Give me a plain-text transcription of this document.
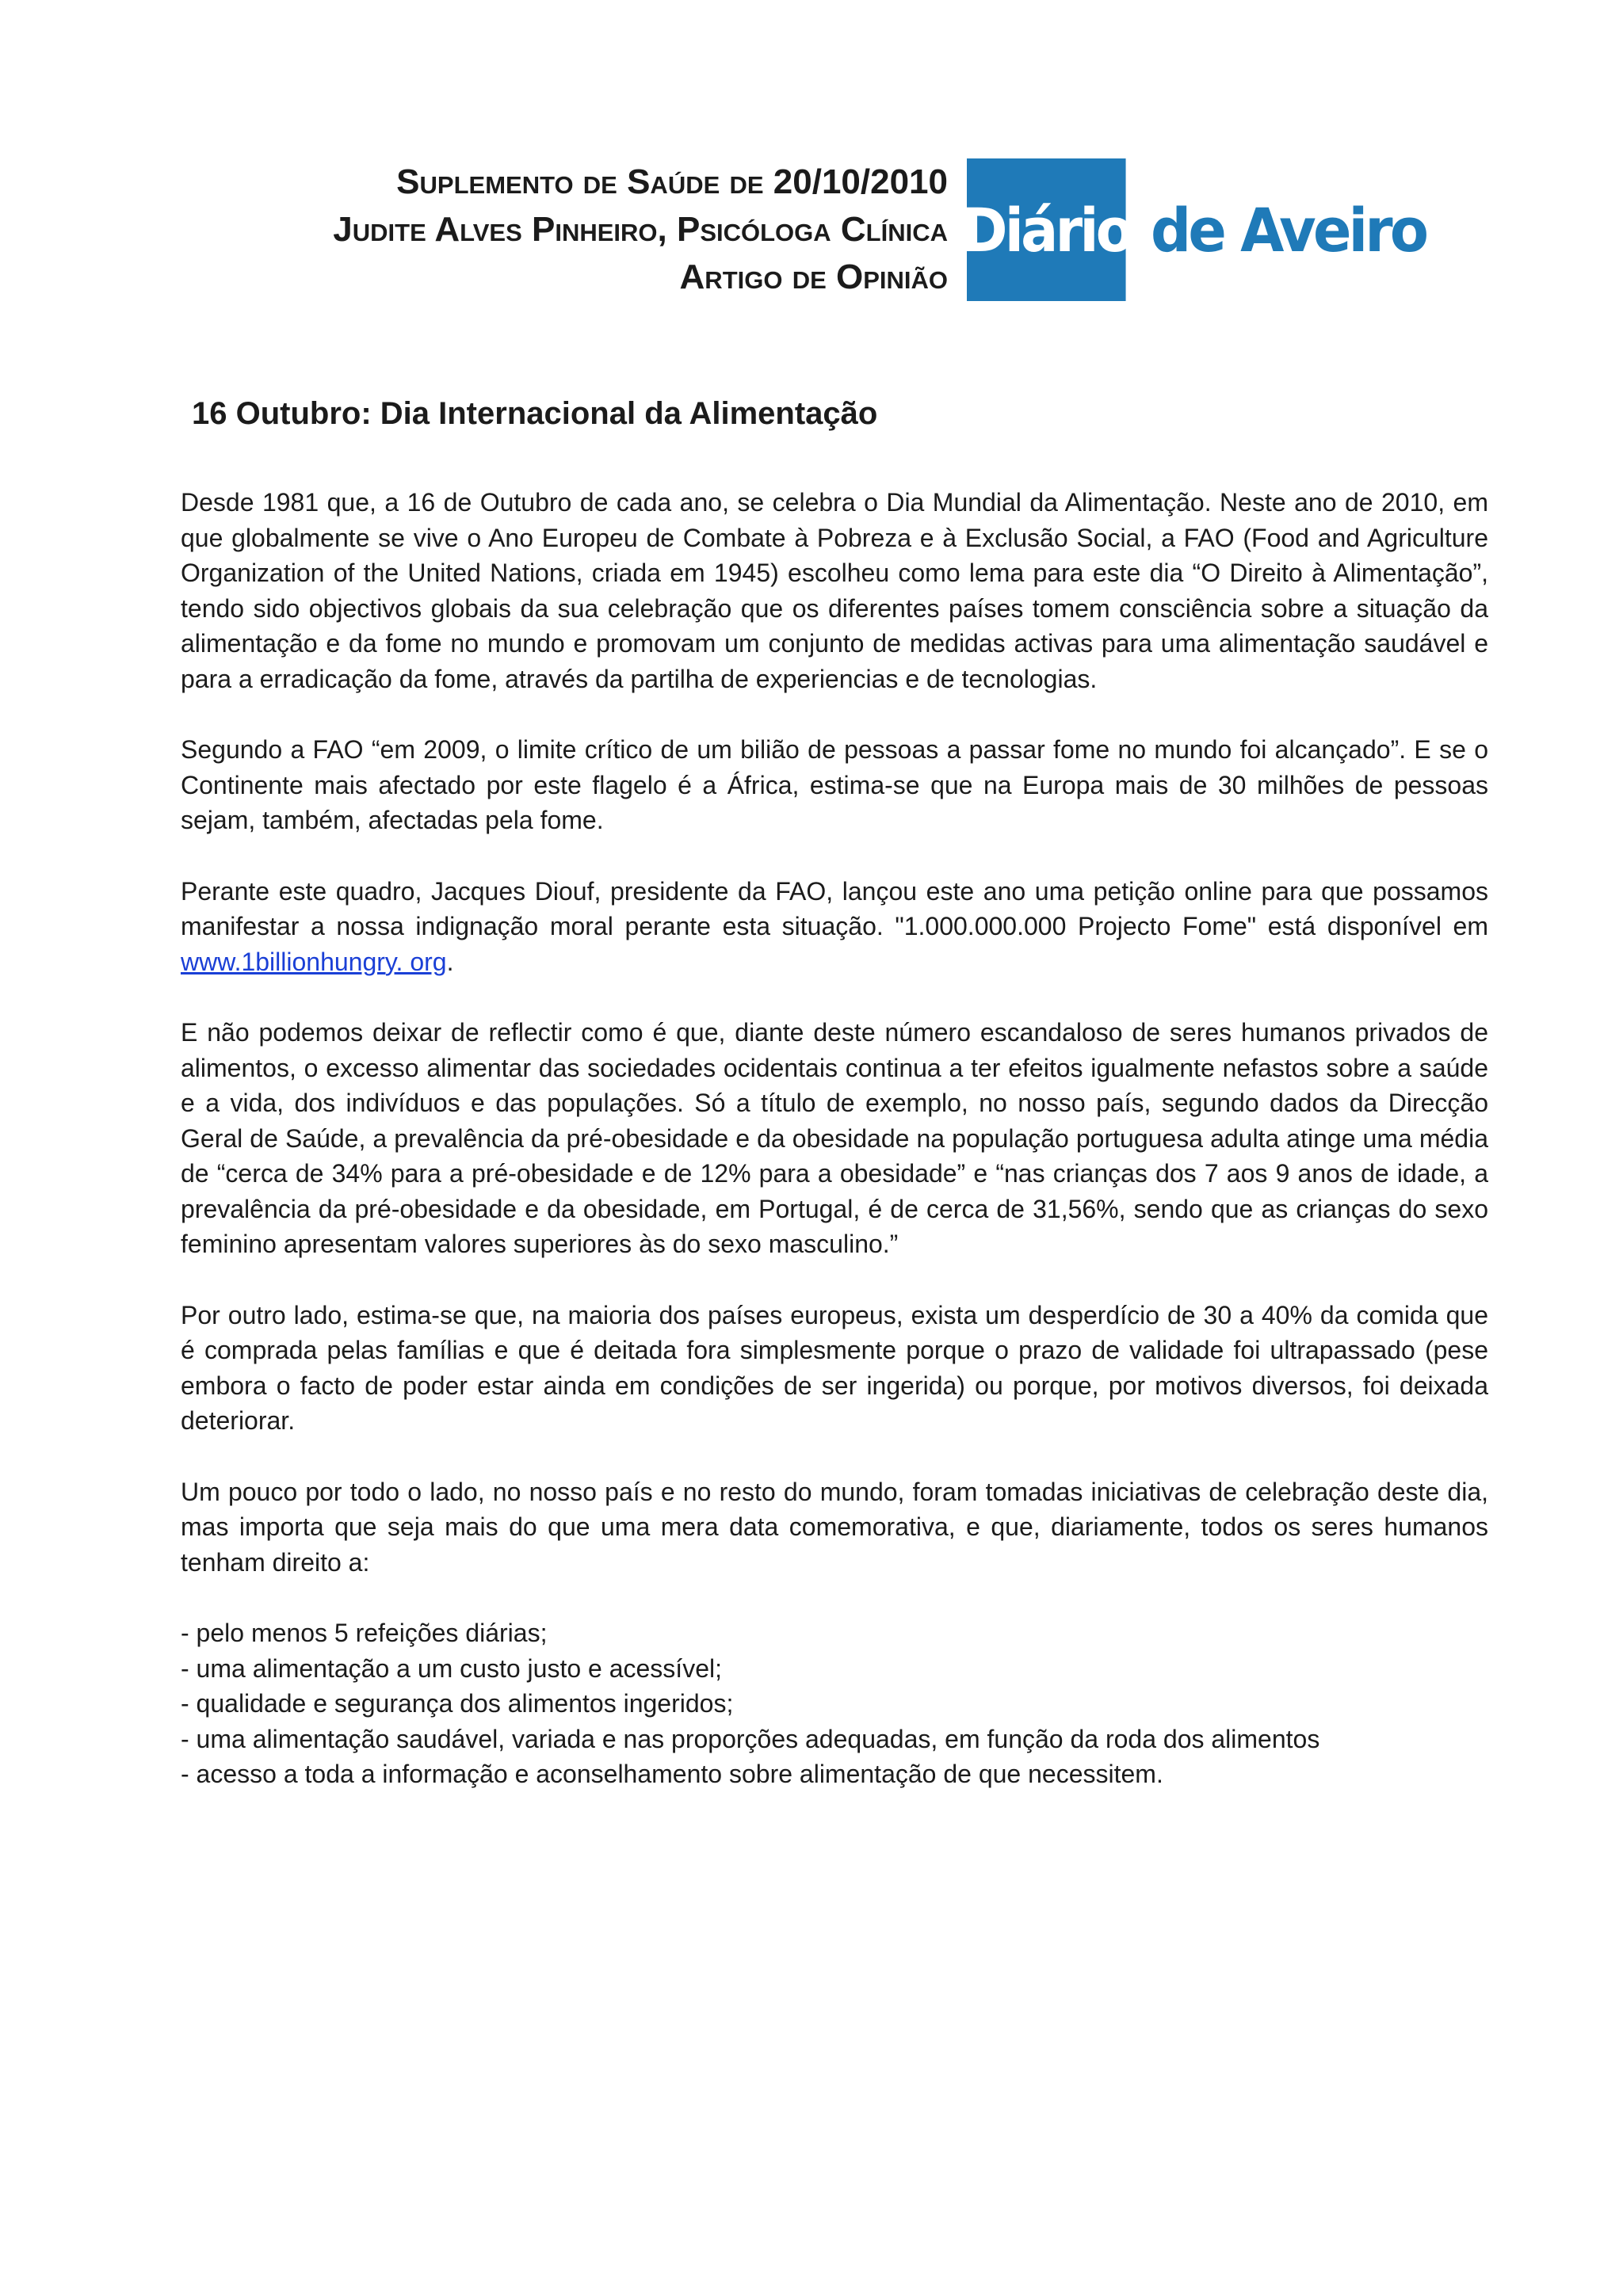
Suplemento de Saúde de 20/10/2010
Judite Alves Pinheiro, Psicóloga Clínica
Artigo de Opinião
Diário de Aveiro
16 Outubro: Dia Internacional da Alimentação

Desde 1981 que, a 16 de Outubro de cada ano, se celebra o Dia Mundial da Alimentação. Neste ano de 2010, em que globalmente se vive o Ano Europeu de Combate à Pobreza e à Exclusão Social, a FAO (Food and Agriculture Organization of the United Nations, criada em 1945) escolheu como lema para este dia “O Direito à Alimentação”, tendo sido objectivos globais da sua celebração que os diferentes países tomem consciência sobre a situação da alimentação e da fome no mundo e promovam um conjunto de medidas activas para uma alimentação saudável e para a erradicação da fome, através da partilha de experiencias e de tecnologias.

Segundo a FAO “em 2009, o limite crítico de um bilião de pessoas a passar fome no mundo foi alcançado”. E se o Continente mais afectado por este flagelo é a África, estima-se que na Europa mais de 30 milhões de pessoas sejam, também, afectadas pela fome.

Perante este quadro, Jacques Diouf, presidente da FAO, lançou este ano uma petição online para que possamos manifestar a nossa indignação moral perante esta situação. "1.000.000.000 Projecto Fome" está disponível em www.1billionhungry. org.

E não podemos deixar de reflectir como é que, diante deste número escandaloso de seres humanos privados de alimentos, o excesso alimentar das sociedades ocidentais continua a ter efeitos igualmente nefastos sobre a saúde e a vida, dos indivíduos e das populações. Só a título de exemplo, no nosso país, segundo dados da Direcção Geral de Saúde, a prevalência da pré-obesidade e da obesidade na população portuguesa adulta atinge uma média de “cerca de 34% para a pré-obesidade e de 12% para a obesidade” e “nas crianças dos 7 aos 9 anos de idade, a prevalência da pré-obesidade e da obesidade, em Portugal, é de cerca de 31,56%, sendo que as crianças do sexo feminino apresentam valores superiores às do sexo masculino.”

Por outro lado, estima-se que, na maioria dos países europeus, exista um desperdício de 30 a 40% da comida que é comprada pelas famílias e que é deitada fora simplesmente porque o prazo de validade foi ultrapassado (pese embora o facto de poder estar ainda em condições de ser ingerida) ou porque, por motivos diversos, foi deixada deteriorar.

Um pouco por todo o lado, no nosso país e no resto do mundo, foram tomadas iniciativas de celebração deste dia, mas importa que seja mais do que uma mera data comemorativa, e que, diariamente, todos os seres humanos tenham direito a:

- pelo menos 5 refeições diárias;
- uma alimentação a um custo justo e acessível;
- qualidade e segurança dos alimentos ingeridos;
- uma alimentação saudável, variada e nas proporções adequadas, em função da roda dos alimentos
- acesso a toda a informação e aconselhamento sobre alimentação de que necessitem.
